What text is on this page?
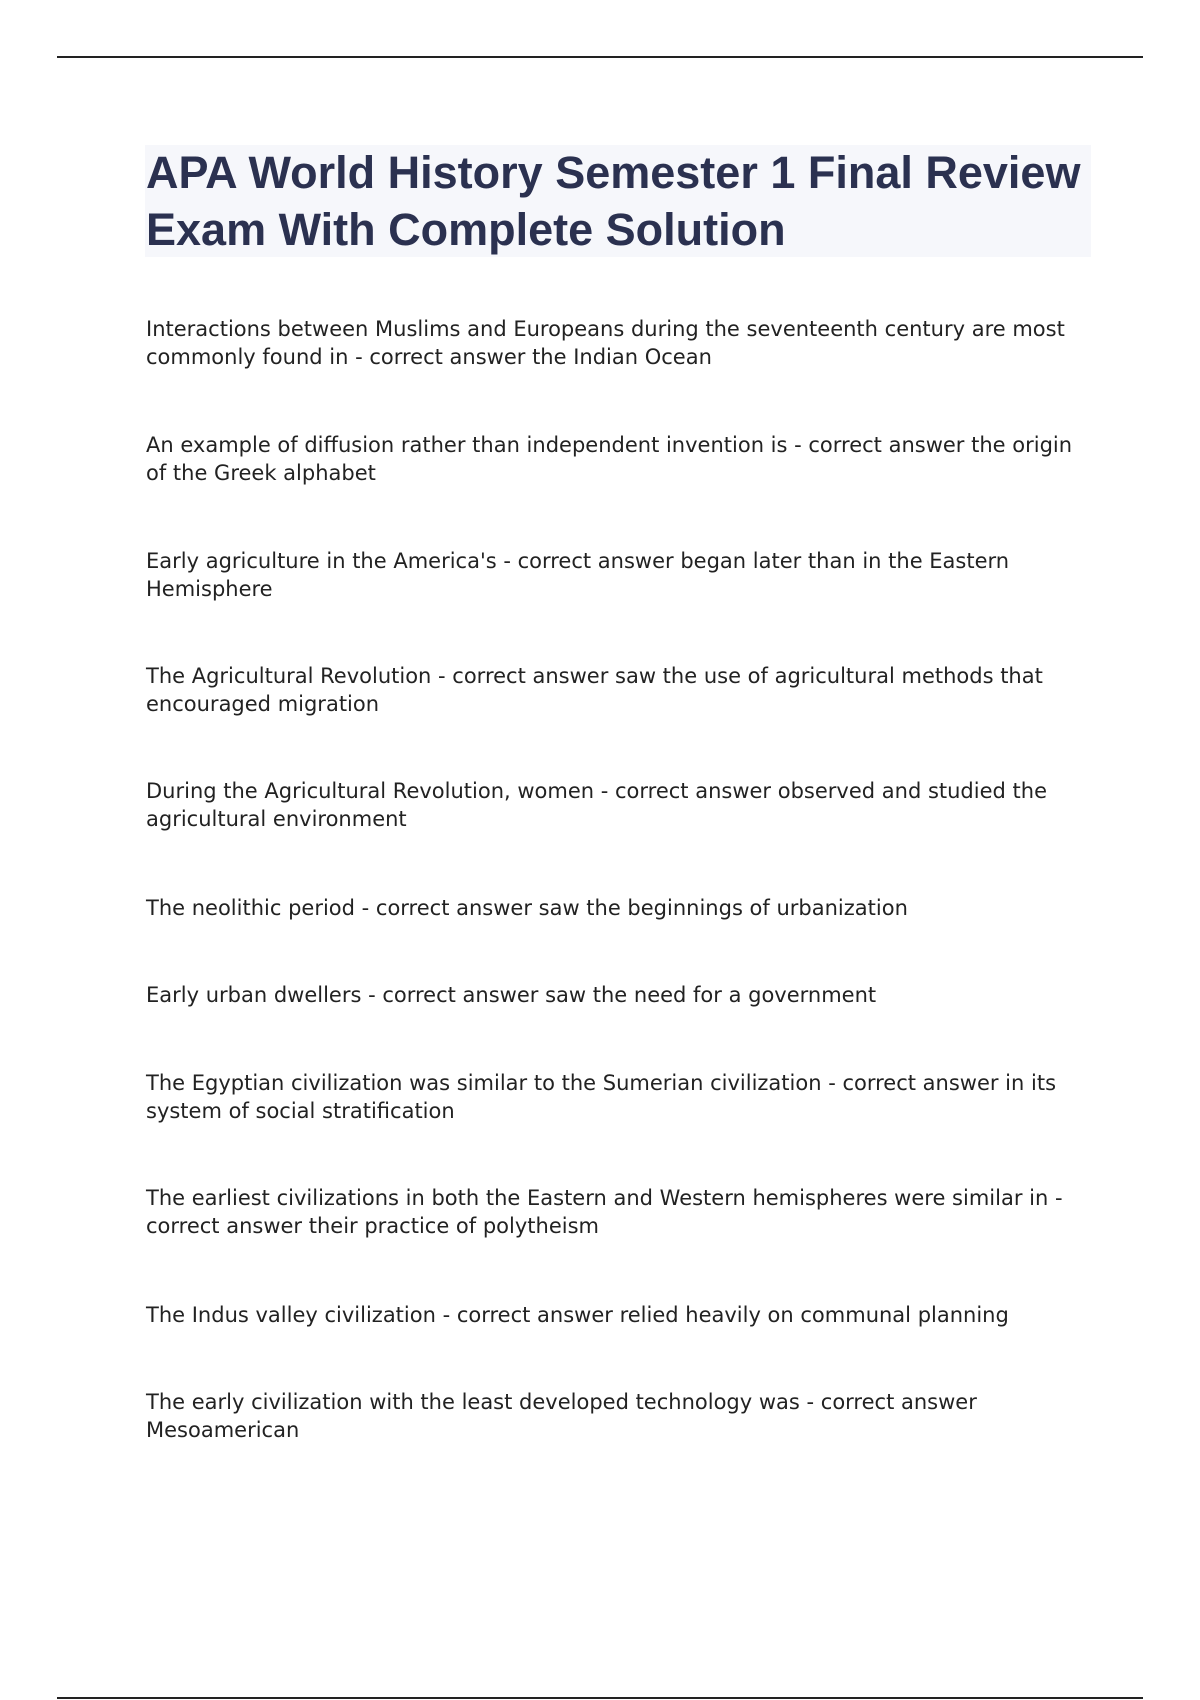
APA World History Semester 1 Final Review Exam With Complete Solution

Interactions between Muslims and Europeans during the seventeenth century are most commonly found in - correct answer the Indian Ocean

An example of diffusion rather than independent invention is - correct answer the origin of the Greek alphabet

Early agriculture in the America's - correct answer began later than in the Eastern Hemisphere

The Agricultural Revolution - correct answer saw the use of agricultural methods that encouraged migration

During the Agricultural Revolution, women - correct answer observed and studied the agricultural environment

The neolithic period - correct answer saw the beginnings of urbanization

Early urban dwellers - correct answer saw the need for a government

The Egyptian civilization was similar to the Sumerian civilization - correct answer in its system of social stratification

The earliest civilizations in both the Eastern and Western hemispheres were similar in - correct answer their practice of polytheism

The Indus valley civilization - correct answer relied heavily on communal planning

The early civilization with the least developed technology was - correct answer Mesoamerican
